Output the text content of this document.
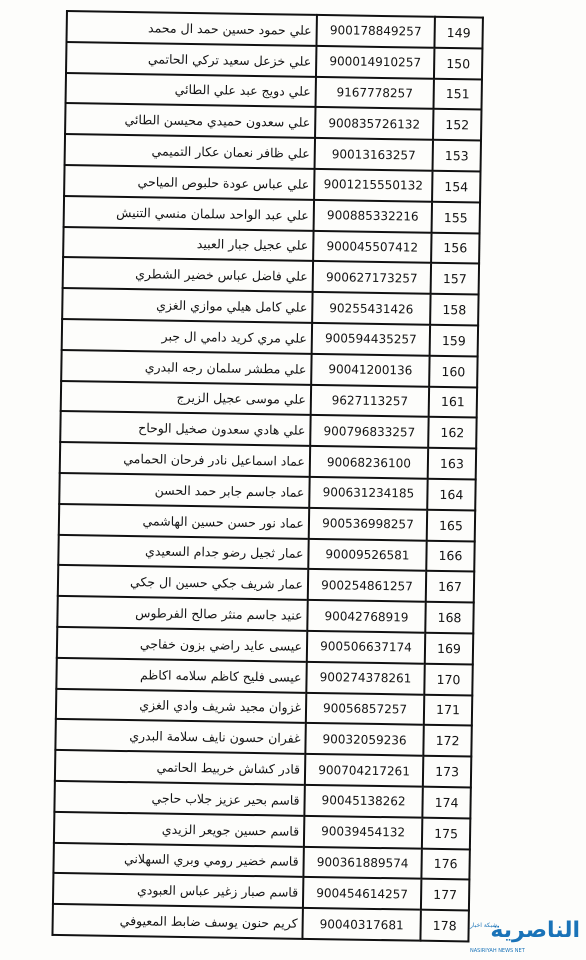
149	900178849257	علي حمود حسين حمد ال محمد
150	900014910257	علي خزعل سعيد تركي الحاتمي
151	9167778257	علي دويج عبد علي الطائي
152	900835726132	علي سعدون حميدي محيسن الطائي
153	90013163257	علي ظافر نعمان عكار التميمي
154	9001215550132	علي عباس عودة حلبوص المياحي
155	900885332216	علي عبد الواحد سلمان منسي التنيش
156	900045507412	علي عجيل جبار العبيد
157	900627173257	علي فاضل عباس خضير الشطري
158	90255431426	علي كامل هيلي موازي الغزي
159	900594435257	علي مري كريد دامي ال جبر
160	90041200136	علي مطشر سلمان رجه البدري
161	9627113257	علي موسى عجيل الزيرج
162	900796833257	علي هادي سعدون صخيل الوحاح
163	90068236100	عماد اسماعيل نادر فرحان الحمامي
164	900631234185	عماد جاسم جابر حمد الحسن
165	900536998257	عماد نور حسن حسين الهاشمي
166	90009526581	عمار ثجيل رضو جدام السعيدي
167	900254861257	عمار شريف جكي حسين ال جكي
168	90042768919	عنيد جاسم منثر صالح الفرطوس
169	900506637174	عيسى عايد راضي بزون خفاجي
170	900274378261	عيسى فليح كاظم سلامه اكاظم
171	90056857257	غزوان مجيد شريف وادي الغزي
172	90032059236	غفران حسون نايف سلامة البدري
173	900704217261	قادر كشاش خربيط الحاتمي
174	90045138262	قاسم بحير عزيز جلاب حاجي
175	90039454132	قاسم حسين جويعر الزيدي
176	900361889574	قاسم خضير رومي وبري السهلاني
177	900454614257	قاسم صبار زغير عباس العبودي
178	90040317681	كريم حنون يوسف ضابط المعيوفي	شبكة اخبار
الناصرية
NASIRIYAH NEWS NET
